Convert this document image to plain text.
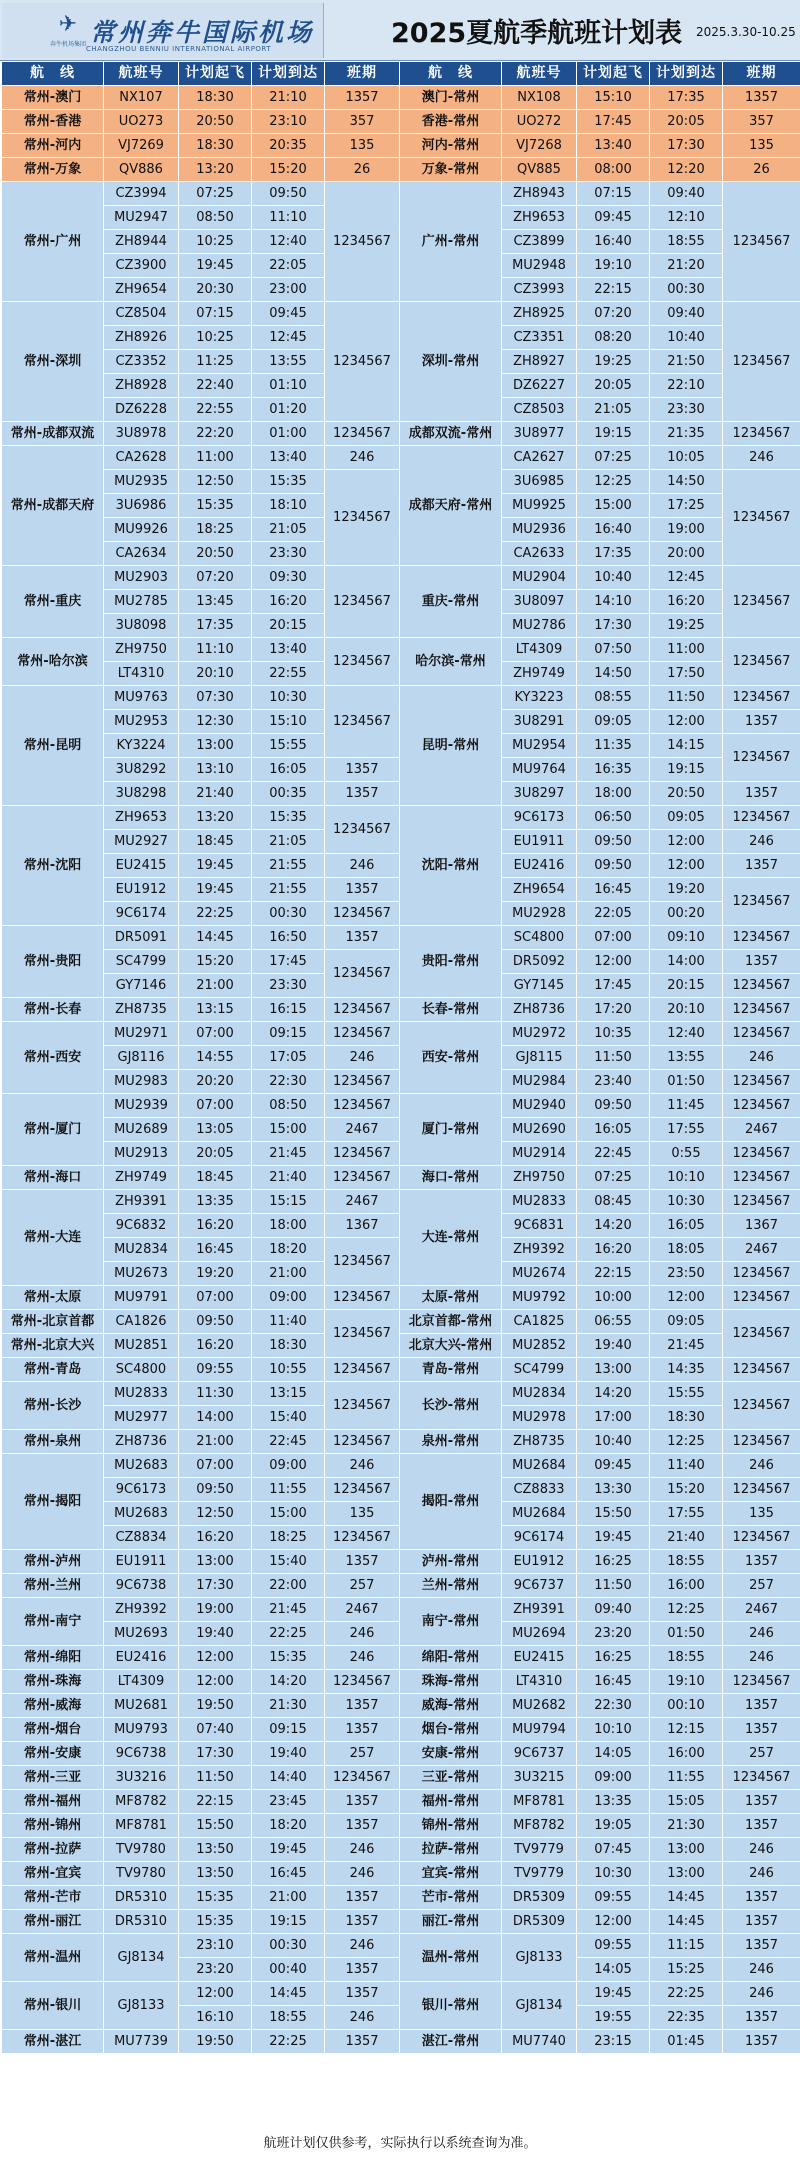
✈ 常州奔牛国际机场
奔牛机场集团
CHANGZHOU BENNIU INTERNATIONAL AIRPORT	2025夏航季航班计划表 2025.3.30-10.25
航　线	航班号	计划起飞	计划到达	班期	航　线	航班号	计划起飞	计划到达	班期
常州-澳门	NX107	18:30	21:10	1357	澳门-常州	NX108	15:10	17:35	1357
常州-香港	UO273	20:50	23:10	357	香港-常州	UO272	17:45	20:05	357
常州-河内	VJ7269	18:30	20:35	135	河内-常州	VJ7268	13:40	17:30	135
常州-万象	QV886	13:20	15:20	26	万象-常州	QV885	08:00	12:20	26
常州-广州	CZ3994	07:25	09:50	1234567	广州-常州	ZH8943	07:15	09:40	1234567
	MU2947	08:50	11:10			ZH9653	09:45	12:10	
	ZH8944	10:25	12:40			CZ3899	16:40	18:55	
	CZ3900	19:45	22:05			MU2948	19:10	21:20	
	ZH9654	20:30	23:00			CZ3993	22:15	00:30	
常州-深圳	CZ8504	07:15	09:45	1234567	深圳-常州	ZH8925	07:20	09:40	1234567
	ZH8926	10:25	12:45			CZ3351	08:20	10:40	
	CZ3352	11:25	13:55			ZH8927	19:25	21:50	
	ZH8928	22:40	01:10			DZ6227	20:05	22:10	
	DZ6228	22:55	01:20			CZ8503	21:05	23:30	
常州-成都双流	3U8978	22:20	01:00	1234567	成都双流-常州	3U8977	19:15	21:35	1234567
常州-成都天府	CA2628	11:00	13:40	246	成都天府-常州	CA2627	07:25	10:05	246
	MU2935	12:50	15:35	1234567		3U6985	12:25	14:50	1234567
	3U6986	15:35	18:10			MU9925	15:00	17:25	
	MU9926	18:25	21:05			MU2936	16:40	19:00	
	CA2634	20:50	23:30			CA2633	17:35	20:00	
常州-重庆	MU2903	07:20	09:30	1234567	重庆-常州	MU2904	10:40	12:45	1234567
	MU2785	13:45	16:20			3U8097	14:10	16:20	
	3U8098	17:35	20:15			MU2786	17:30	19:25	
常州-哈尔滨	ZH9750	11:10	13:40	1234567	哈尔滨-常州	LT4309	07:50	11:00	1234567
	LT4310	20:10	22:55			ZH9749	14:50	17:50	
常州-昆明	MU9763	07:30	10:30	1234567	昆明-常州	KY3223	08:55	11:50	1234567
	MU2953	12:30	15:10			3U8291	09:05	12:00	1357
	KY3224	13:00	15:55			MU2954	11:35	14:15	1234567
	3U8292	13:10	16:05	1357		MU9764	16:35	19:15	
	3U8298	21:40	00:35	1357		3U8297	18:00	20:50	1357
常州-沈阳	ZH9653	13:20	15:35	1234567	沈阳-常州	9C6173	06:50	09:05	1234567
	MU2927	18:45	21:05			EU1911	09:50	12:00	246
	EU2415	19:45	21:55	246		EU2416	09:50	12:00	1357
	EU1912	19:45	21:55	1357		ZH9654	16:45	19:20	1234567
	9C6174	22:25	00:30	1234567		MU2928	22:05	00:20	
常州-贵阳	DR5091	14:45	16:50	1357	贵阳-常州	SC4800	07:00	09:10	1234567
	SC4799	15:20	17:45	1234567		DR5092	12:00	14:00	1357
	GY7146	21:00	23:30			GY7145	17:45	20:15	1234567
常州-长春	ZH8735	13:15	16:15	1234567	长春-常州	ZH8736	17:20	20:10	1234567
常州-西安	MU2971	07:00	09:15	1234567	西安-常州	MU2972	10:35	12:40	1234567
	GJ8116	14:55	17:05	246		GJ8115	11:50	13:55	246
	MU2983	20:20	22:30	1234567		MU2984	23:40	01:50	1234567
常州-厦门	MU2939	07:00	08:50	1234567	厦门-常州	MU2940	09:50	11:45	1234567
	MU2689	13:05	15:00	2467		MU2690	16:05	17:55	2467
	MU2913	20:05	21:45	1234567		MU2914	22:45	0:55	1234567
常州-海口	ZH9749	18:45	21:40	1234567	海口-常州	ZH9750	07:25	10:10	1234567
常州-大连	ZH9391	13:35	15:15	2467	大连-常州	MU2833	08:45	10:30	1234567
	9C6832	16:20	18:00	1367		9C6831	14:20	16:05	1367
	MU2834	16:45	18:20	1234567		ZH9392	16:20	18:05	2467
	MU2673	19:20	21:00			MU2674	22:15	23:50	1234567
常州-太原	MU9791	07:00	09:00	1234567	太原-常州	MU9792	10:00	12:00	1234567
常州-北京首都	CA1826	09:50	11:40	1234567	北京首都-常州	CA1825	06:55	09:05	1234567
常州-北京大兴	MU2851	16:20	18:30		北京大兴-常州	MU2852	19:40	21:45	
常州-青岛	SC4800	09:55	10:55	1234567	青岛-常州	SC4799	13:00	14:35	1234567
常州-长沙	MU2833	11:30	13:15	1234567	长沙-常州	MU2834	14:20	15:55	1234567
	MU2977	14:00	15:40			MU2978	17:00	18:30	
常州-泉州	ZH8736	21:00	22:45	1234567	泉州-常州	ZH8735	10:40	12:25	1234567
常州-揭阳	MU2683	07:00	09:00	246	揭阳-常州	MU2684	09:45	11:40	246
	9C6173	09:50	11:55	1234567		CZ8833	13:30	15:20	1234567
	MU2683	12:50	15:00	135		MU2684	15:50	17:55	135
	CZ8834	16:20	18:25	1234567		9C6174	19:45	21:40	1234567
常州-泸州	EU1911	13:00	15:40	1357	泸州-常州	EU1912	16:25	18:55	1357
常州-兰州	9C6738	17:30	22:00	257	兰州-常州	9C6737	11:50	16:00	257
常州-南宁	ZH9392	19:00	21:45	2467	南宁-常州	ZH9391	09:40	12:25	2467
	MU2693	19:40	22:25	246		MU2694	23:20	01:50	246
常州-绵阳	EU2416	12:00	15:35	246	绵阳-常州	EU2415	16:25	18:55	246
常州-珠海	LT4309	12:00	14:20	1234567	珠海-常州	LT4310	16:45	19:10	1234567
常州-威海	MU2681	19:50	21:30	1357	威海-常州	MU2682	22:30	00:10	1357
常州-烟台	MU9793	07:40	09:15	1357	烟台-常州	MU9794	10:10	12:15	1357
常州-安康	9C6738	17:30	19:40	257	安康-常州	9C6737	14:05	16:00	257
常州-三亚	3U3216	11:50	14:40	1234567	三亚-常州	3U3215	09:00	11:55	1234567
常州-福州	MF8782	22:15	23:45	1357	福州-常州	MF8781	13:35	15:05	1357
常州-锦州	MF8781	15:50	18:20	1357	锦州-常州	MF8782	19:05	21:30	1357
常州-拉萨	TV9780	13:50	19:45	246	拉萨-常州	TV9779	07:45	13:00	246
常州-宜宾	TV9780	13:50	16:45	246	宜宾-常州	TV9779	10:30	13:00	246
常州-芒市	DR5310	15:35	21:00	1357	芒市-常州	DR5309	09:55	14:45	1357
常州-丽江	DR5310	15:35	19:15	1357	丽江-常州	DR5309	12:00	14:45	1357
常州-温州	GJ8134	23:10	00:30	246	温州-常州	GJ8133	09:55	11:15	1357
		23:20	00:40	1357			14:05	15:25	246
常州-银川	GJ8133	12:00	14:45	1357	银川-常州	GJ8134	19:45	22:25	246
		16:10	18:55	246			19:55	22:35	1357
常州-湛江	MU7739	19:50	22:25	1357	湛江-常州	MU7740	23:15	01:45	1357
航班计划仅供参考，实际执行以系统查询为准。
